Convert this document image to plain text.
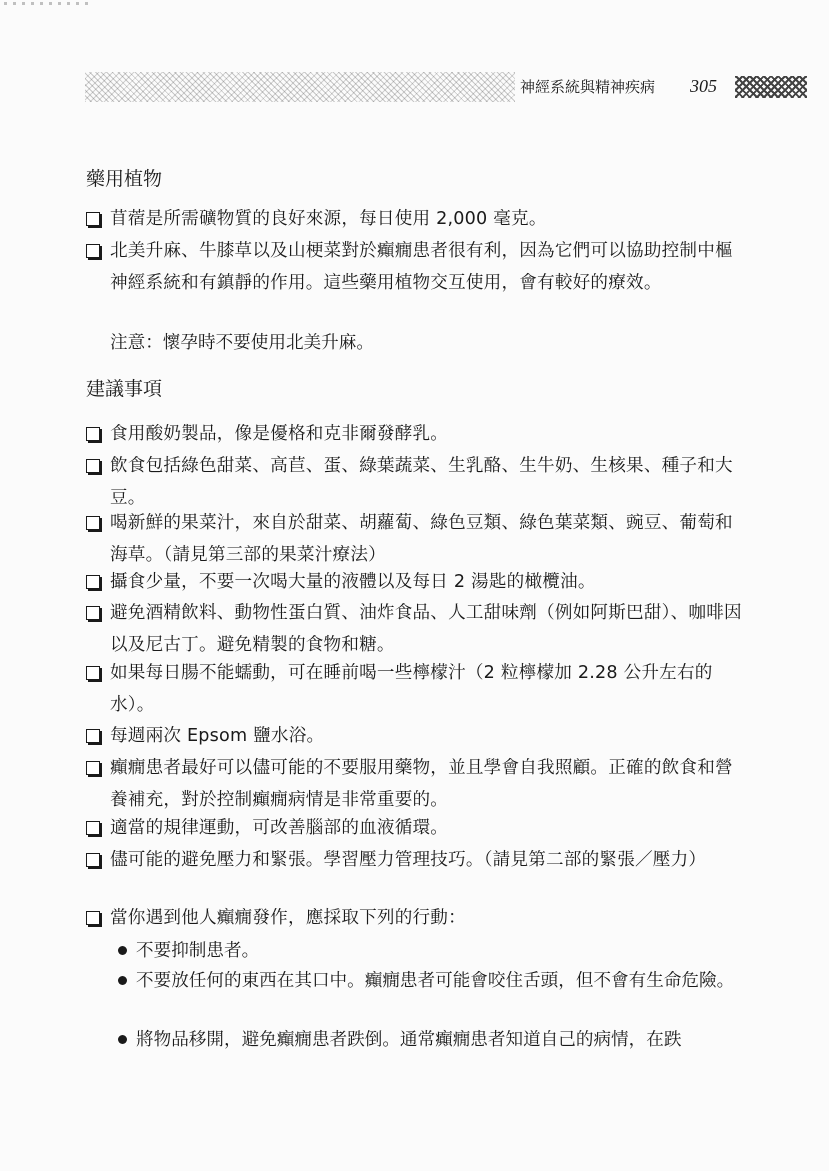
神經系統與精神疾病 305
藥用植物
苜蓿是所需礦物質的良好來源，每日使用 2,000 毫克。
北美升麻、牛膝草以及山梗菜對於癲癇患者很有利，因為它們可以協助控制中樞神經系統和有鎮靜的作用。這些藥用植物交互使用，會有較好的療效。
注意：懷孕時不要使用北美升麻。
建議事項
食用酸奶製品，像是優格和克非爾發酵乳。
飲食包括綠色甜菜、高苣、蛋、綠葉蔬菜、生乳酪、生牛奶、生核果、種子和大豆。
喝新鮮的果菜汁，來自於甜菜、胡蘿蔔、綠色豆類、綠色葉菜類、豌豆、葡萄和海草。（請見第三部的果菜汁療法）
攝食少量，不要一次喝大量的液體以及每日 2 湯匙的橄欖油。
避免酒精飲料、動物性蛋白質、油炸食品、人工甜味劑（例如阿斯巴甜）、咖啡因以及尼古丁。避免精製的食物和糖。
如果每日腸不能蠕動，可在睡前喝一些檸檬汁（2 粒檸檬加 2.28 公升左右的水）。
每週兩次 Epsom 鹽水浴。
癲癇患者最好可以儘可能的不要服用藥物，並且學會自我照顧。正確的飲食和營養補充，對於控制癲癇病情是非常重要的。
適當的規律運動，可改善腦部的血液循環。
儘可能的避免壓力和緊張。學習壓力管理技巧。（請見第二部的緊張／壓力）
當你遇到他人癲癇發作，應採取下列的行動：
不要抑制患者。
不要放任何的東西在其口中。癲癇患者可能會咬住舌頭，但不會有生命危險。
將物品移開，避免癲癇患者跌倒。通常癲癇患者知道自己的病情，在跌
